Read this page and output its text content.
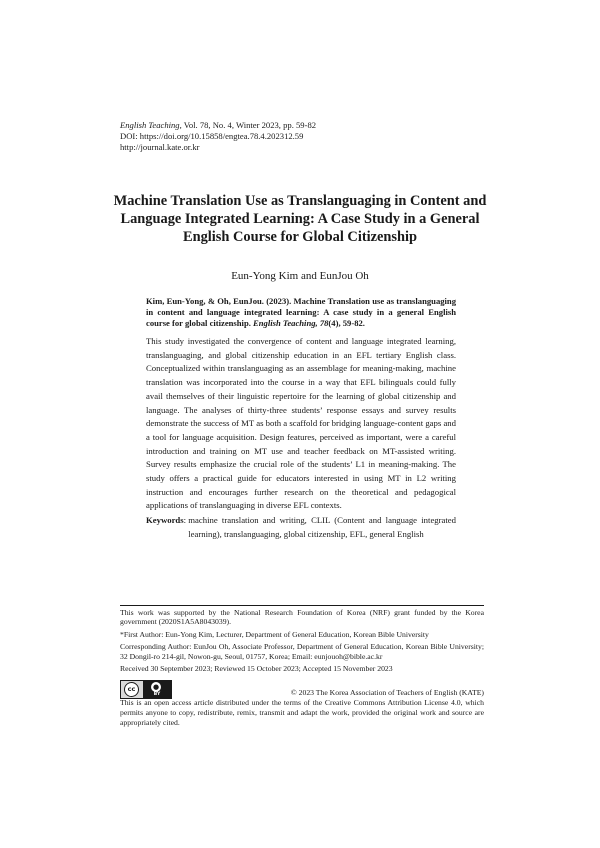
English Teaching, Vol. 78, No. 4, Winter 2023, pp. 59-82
DOI: https://doi.org/10.15858/engtea.78.4.202312.59
http://journal.kate.or.kr
Machine Translation Use as Translanguaging in Content and Language Integrated Learning: A Case Study in a General English Course for Global Citizenship
Eun-Yong Kim and EunJou Oh
Kim, Eun-Yong, & Oh, EunJou. (2023). Machine Translation use as translanguaging in content and language integrated learning: A case study in a general English course for global citizenship. English Teaching, 78(4), 59-82.
This study investigated the convergence of content and language integrated learning, translanguaging, and global citizenship education in an EFL tertiary English class. Conceptualized within translanguaging as an assemblage for meaning-making, machine translation was incorporated into the course in a way that EFL bilinguals could fully avail themselves of their linguistic repertoire for the learning of global citizenship and language. The analyses of thirty-three students’ response essays and survey results demonstrate the success of MT as both a scaffold for bridging language-content gaps and a tool for language acquisition. Design features, perceived as important, were a careful introduction and training on MT use and teacher feedback on MT-assisted writing. Survey results emphasize the crucial role of the students’ L1 in meaning-making. The study offers a practical guide for educators interested in using MT in L2 writing instruction and encourages further research on the theoretical and pedagogical applications of translanguaging in diverse EFL contexts.
Keywords: machine translation and writing, CLIL (Content and language integrated learning), translanguaging, global citizenship, EFL, general English

This work was supported by the National Research Foundation of Korea (NRF) grant funded by the Korea government (2020S1A5A8043039).

*First Author: Eun-Yong Kim, Lecturer, Department of General Education, Korean Bible University

Corresponding Author: EunJou Oh, Associate Professor, Department of General Education, Korean Bible University; 32 Dongil-ro 214-gil, Nowon-gu, Seoul, 01757, Korea; Email: eunjouoh@bible.ac.kr

Received 30 September 2023; Reviewed 15 October 2023; Accepted 15 November 2023

cc	●
BY	© 2023 The Korea Association of Teachers of English (KATE)
This is an open access article distributed under the terms of the Creative Commons Attribution License 4.0, which permits anyone to copy, redistribute, remix, transmit and adapt the work, provided the original work and source are appropriately cited.
